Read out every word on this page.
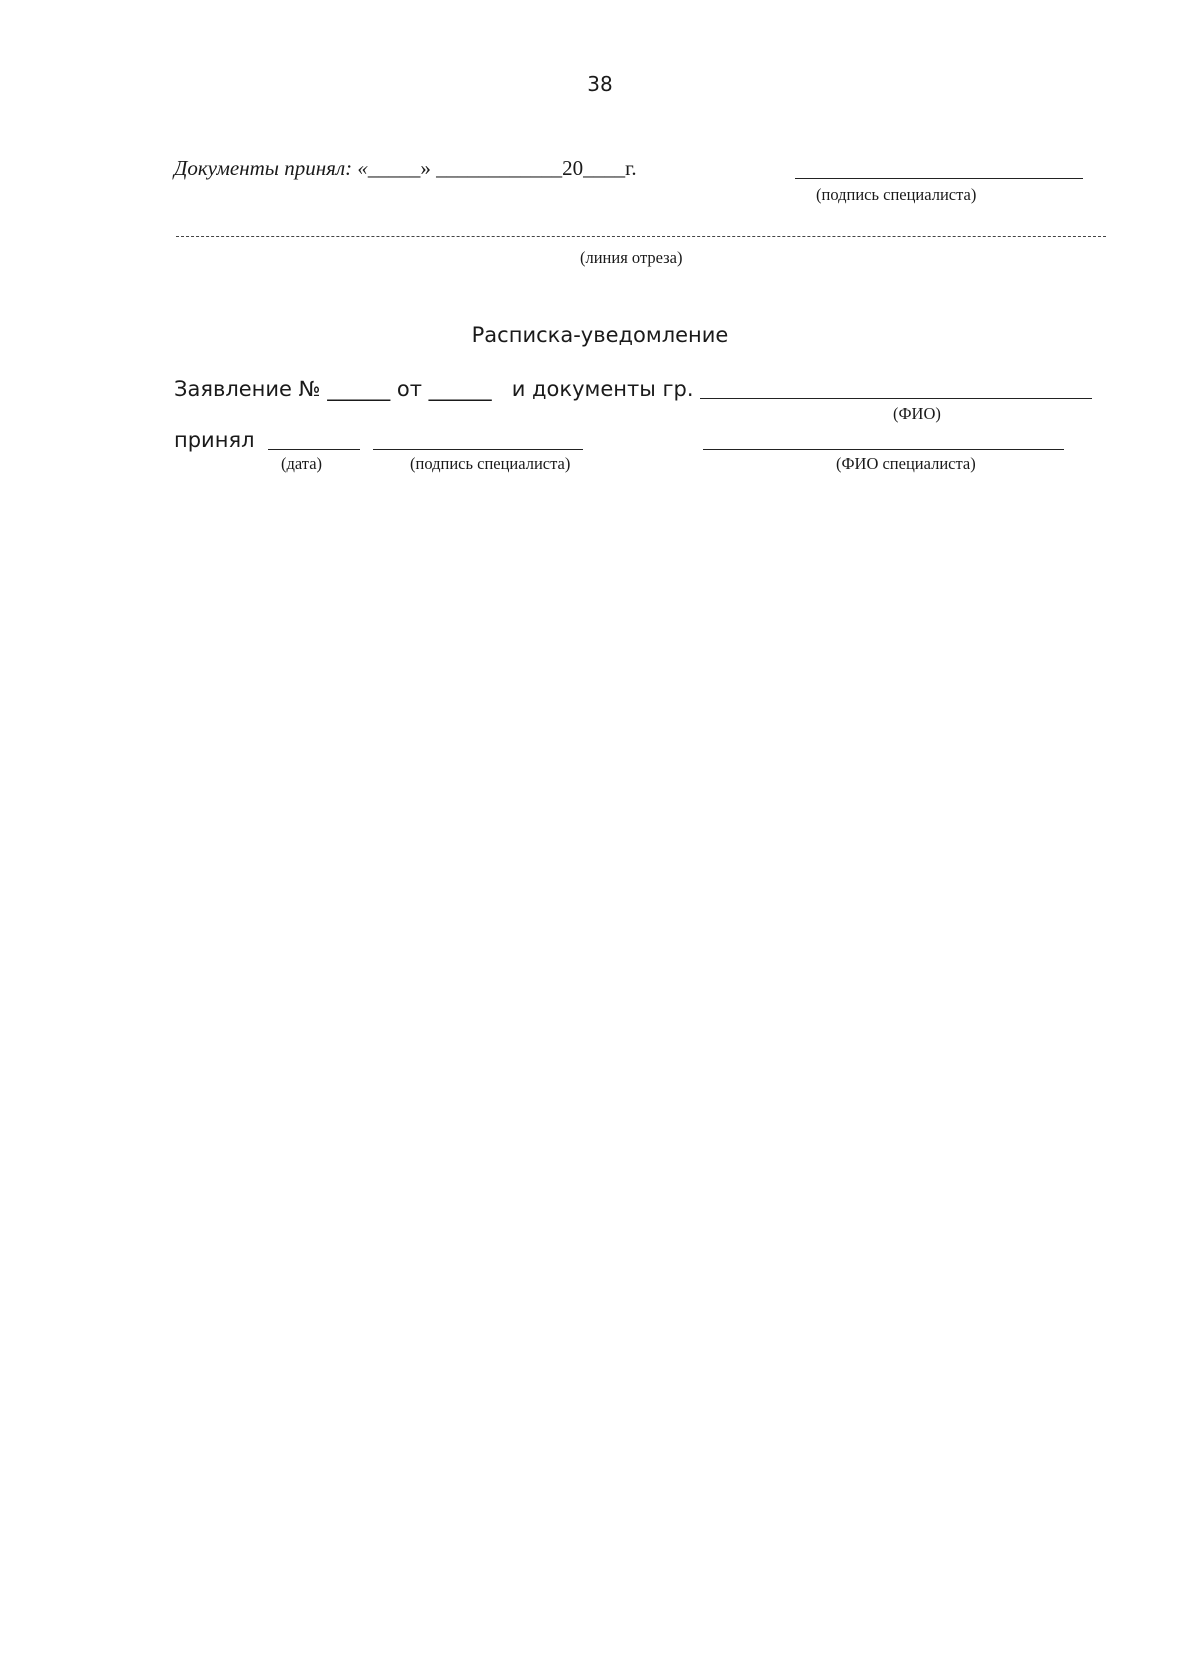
38
Документы принял: «_____» ____________20____г.
(подпись специалиста)
(линия отреза)
Расписка-уведомление
Заявление № ______ от ______ и документы гр.
(ФИО)
принял
(дата)	(подпись специалиста)	(ФИО специалиста)
